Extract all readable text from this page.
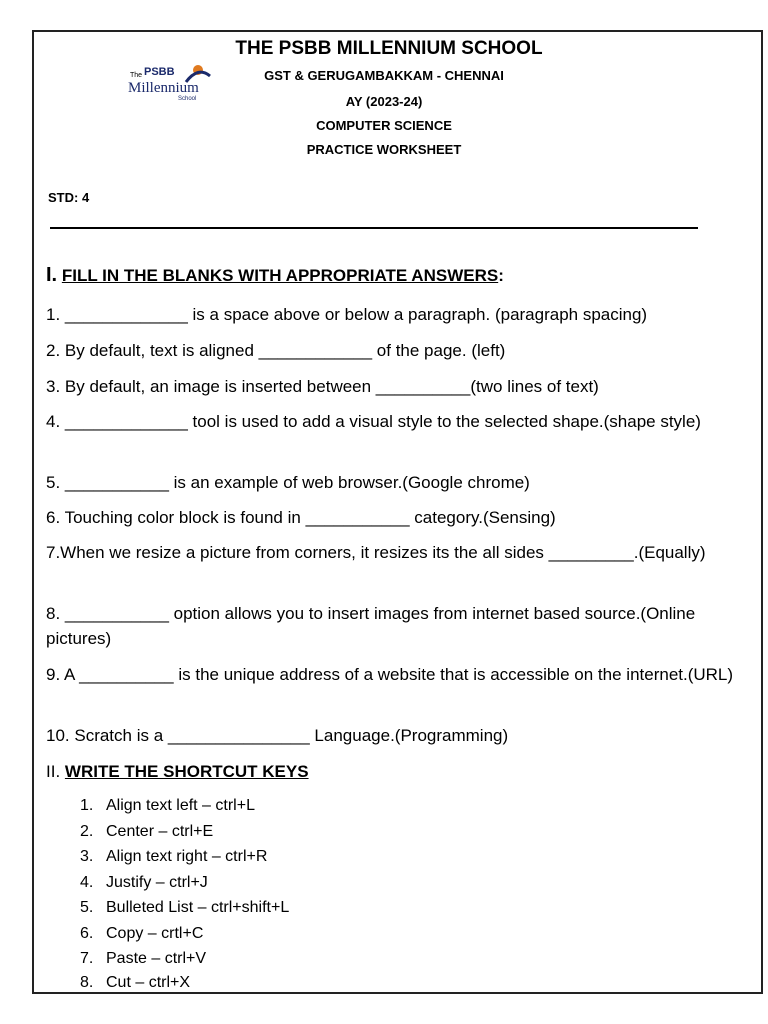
The PSBB
Millennium
School
THE PSBB MILLENNIUM SCHOOL
GST & GERUGAMBAKKAM - CHENNAI
AY (2023-24)
COMPUTER SCIENCE
PRACTICE WORKSHEET
STD: 4
I. FILL IN THE BLANKS WITH APPROPRIATE ANSWERS:
1. _____________ is a space above or below a paragraph. (paragraph spacing)
2. By default, text is aligned ____________ of the page. (left)
3. By default, an image is inserted between __________(two lines of text)
4. _____________ tool is used to add a visual style to the selected shape.(shape style)
5. ___________ is an example of web browser.(Google chrome)
6. Touching color block is found in ___________ category.(Sensing)
7.When we resize a picture from corners, it resizes its the all sides _________.(Equally)
8. ___________ option allows you to insert images from internet based source.(Online pictures)
9. A __________ is the unique address of a website that is accessible on the internet.(URL)
10. Scratch is a _______________ Language.(Programming)
II. WRITE THE SHORTCUT KEYS
1. Align text left – ctrl+L
2. Center – ctrl+E
3. Align text right – ctrl+R
4. Justify – ctrl+J
5. Bulleted List – ctrl+shift+L
6. Copy – crtl+C
7. Paste – ctrl+V
8. Cut – ctrl+X
